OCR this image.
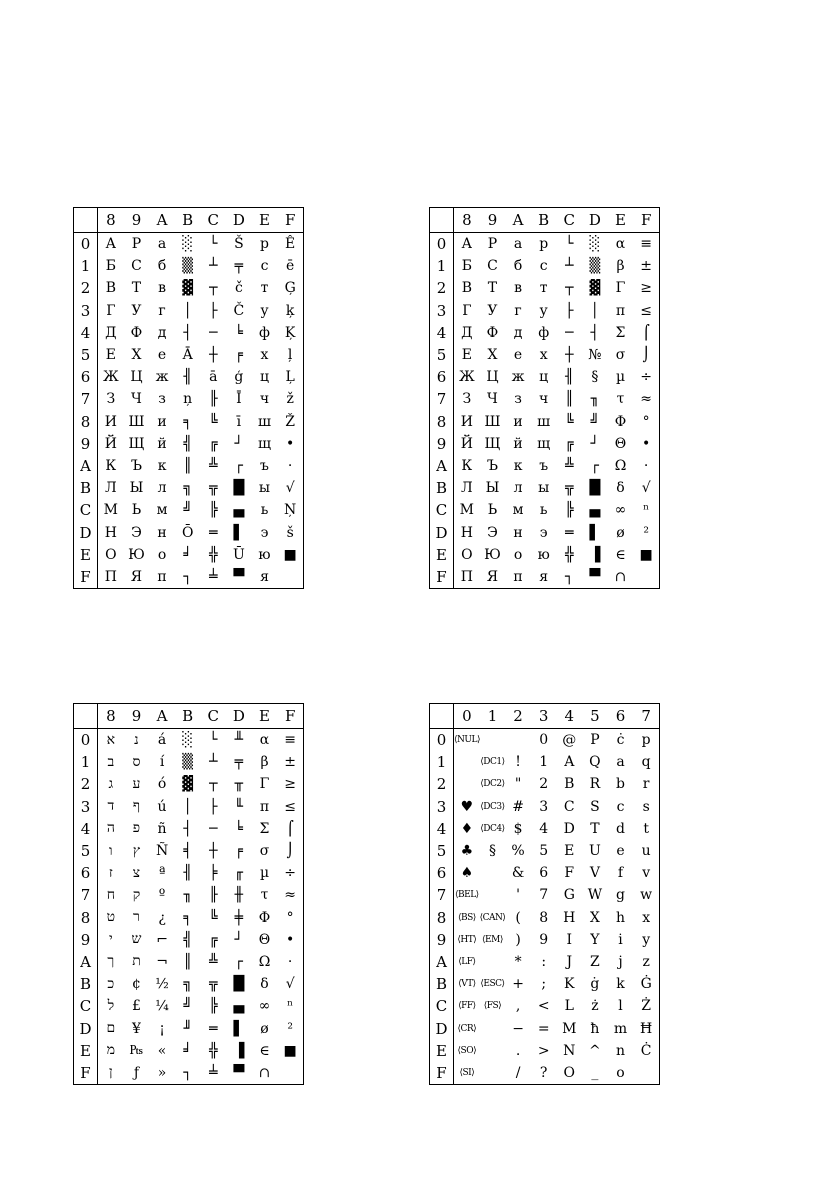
	8	9	A	B	C	D	E	F
0	А	Р	а	░	└	Š	р	Ê
1	Б	С	б	▒	┴	╤	с	ē
2	В	Т	в	▓	┬	č	т	Ģ
3	Г	У	г	│	├	Č	у	ķ
4	Д	Ф	д	┤	─	╘	ф	Ķ
5	Е	Х	е	Ā	┼	╒	х	ļ
6	Ж	Ц	ж	╢	ā	ģ	ц	Ļ
7	З	Ч	з	ņ	╟	Ī	ч	ž
8	И	Ш	и	╕	╚	ī	ш	Ž
9	Й	Щ	й	╣	╔	┘	щ	•
A	К	Ъ	к	║	╩	┌	ъ	·
B	Л	Ы	л	╗	╦	█	ы	√
C	М	Ь	м	╝	╠	▄	ь	Ņ
D	Н	Э	н	Ō	═	▌	э	š
E	О	Ю	о	╛	╬	Ū	ю	■
F	П	Я	п	┐	╧	▀	я	
	8	9	A	B	C	D	E	F
0	А	Р	а	р	└	░	α	≡
1	Б	С	б	с	┴	▒	β	±
2	В	Т	в	т	┬	▓	Γ	≥
3	Г	У	г	у	├	│	π	≤
4	Д	Ф	д	ф	─	┤	Σ	⌠
5	Е	Х	е	х	┼	№	σ	⌡
6	Ж	Ц	ж	ц	╢	§	µ	÷
7	З	Ч	з	ч	║	╖	τ	≈
8	И	Ш	и	ш	╚	╝	Φ	°
9	Й	Щ	й	щ	╔	┘	Θ	•
A	К	Ъ	к	ъ	╩	┌	Ω	·
B	Л	Ы	л	ы	╦	█	δ	√
C	М	Ь	м	ь	╠	▄	∞	ⁿ
D	Н	Э	н	э	═	▌	ø	²
E	О	Ю	о	ю	╬	▐	∈	■
F	П	Я	п	я	┐	▀	∩	
	8	9	A	B	C	D	E	F
0	א	נ	á	░	└	╨	α	≡
1	ב	ס	í	▒	┴	╤	β	±
2	ג	ע	ó	▓	┬	╥	Γ	≥
3	ד	ף	ú	│	├	╙	π	≤
4	ה	פ	ñ	┤	─	╘	Σ	⌠
5	ו	ץ	Ñ	╡	┼	╒	σ	⌡
6	ז	צ	ª	╢	╞	╓	µ	÷
7	ח	ק	º	╖	╟	╫	τ	≈
8	ט	ר	¿	╕	╚	╪	Φ	°
9	י	ש	⌐	╣	╔	┘	Θ	•
A	ך	ת	¬	║	╩	┌	Ω	·
B	כ	¢	½	╗	╦	█	δ	√
C	ל	£	¼	╝	╠	▄	∞	ⁿ
D	ם	¥	¡	╜	═	▌	ø	²
E	מ	₧	«	╛	╬	▐	∈	■
F	ן	ƒ	»	┐	╧	▀	∩	
	0	1	2	3	4	5	6	7
0	⟨NUL⟩			0	@	P	ċ	p
1		⟨DC1⟩	!	1	A	Q	a	q
2		⟨DC2⟩	"	2	B	R	b	r
3	♥	⟨DC3⟩	#	3	C	S	c	s
4	♦	⟨DC4⟩	$	4	D	T	d	t
5	♣	§	%	5	E	U	e	u
6	♠		&	6	F	V	f	v
7	⟨BEL⟩		'	7	G	W	g	w
8	⟨BS⟩	⟨CAN⟩	(	8	H	X	h	x
9	⟨HT⟩	⟨EM⟩	)	9	I	Y	i	y
A	⟨LF⟩		*	:	J	Z	j	z
B	⟨VT⟩	⟨ESC⟩	+	;	K	ġ	k	Ġ
C	⟨FF⟩	⟨FS⟩	,	<	L	ż	l	Ż
D	⟨CR⟩		−	=	M	ħ	m	Ħ
E	⟨SO⟩		.	>	N	^	n	Ċ
F	⟨SI⟩		/	?	O	_	o	
